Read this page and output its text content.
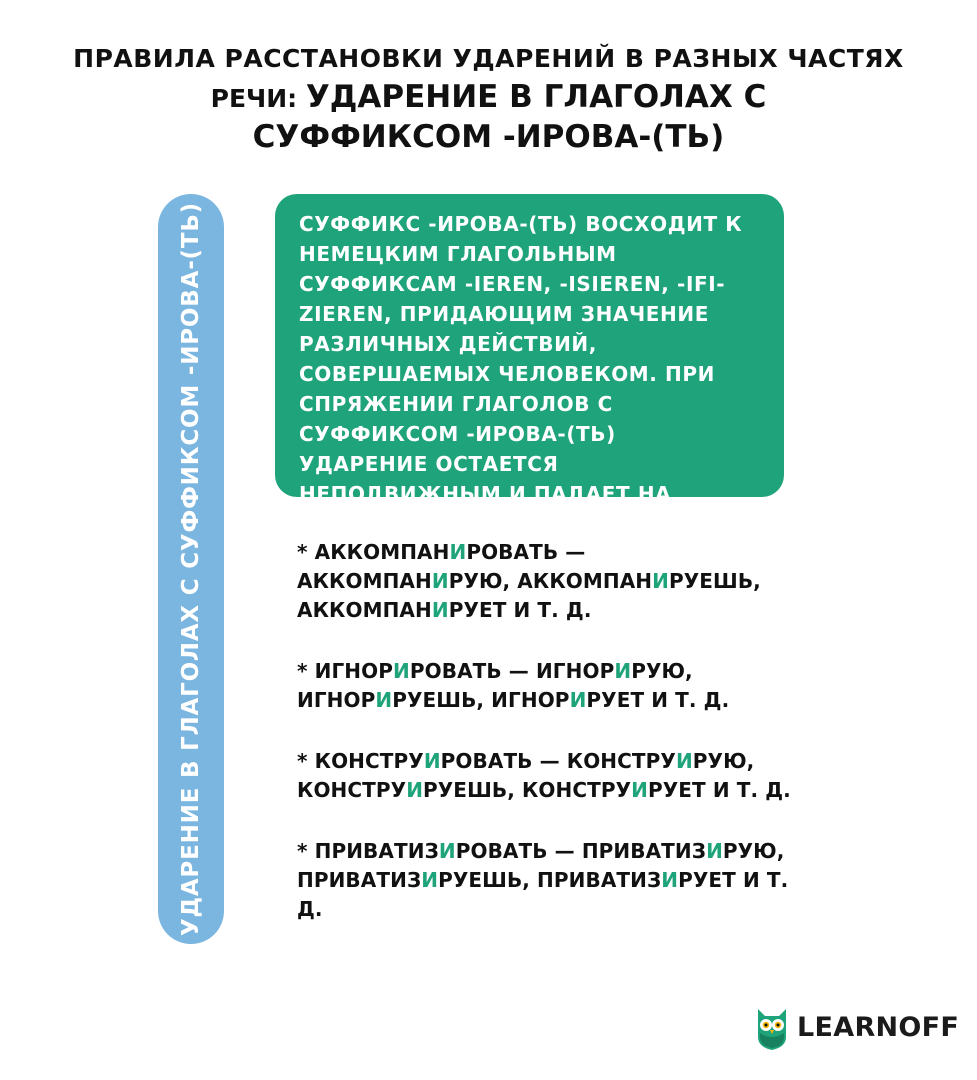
ПРАВИЛА РАССТАНОВКИ УДАРЕНИЙ В РАЗНЫХ ЧАСТЯХ
РЕЧИ: УДАРЕНИЕ В ГЛАГОЛАХ С
СУФФИКСОМ -ИРОВА-(ТЬ)
УДАРЕНИЕ В ГЛАГОЛАХ С СУФФИКСОМ -ИРОВА-(ТЬ)	СУФФИКС -ИРОВА-(ТЬ) ВОСХОДИТ К НЕМЕЦКИМ ГЛАГОЛЬНЫМ СУФФИКСАМ -IEREN, -ISIEREN, -IFI-ZIEREN, ПРИДАЮЩИМ ЗНАЧЕНИЕ РАЗЛИЧНЫХ ДЕЙСТВИЙ, СОВЕРШАЕМЫХ ЧЕЛОВЕКОМ. ПРИ СПРЯЖЕНИИ ГЛАГОЛОВ С СУФФИКСОМ -ИРОВА-(ТЬ) УДАРЕНИЕ ОСТАЕТСЯ НЕПОДВИЖНЫМ И ПАДАЕТ НА ГЛАСНЫЙ И:

* АККОМПАНИРОВАТЬ — АККОМПАНИРУЮ, АККОМПАНИРУЕШЬ, АККОМПАНИРУЕТ И Т. Д.

* ИГНОРИРОВАТЬ — ИГНОРИРУЮ, ИГНОРИРУЕШЬ, ИГНОРИРУЕТ И Т. Д.

* КОНСТРУИРОВАТЬ — КОНСТРУИРУЮ, КОНСТРУИРУЕШЬ, КОНСТРУИРУЕТ И Т. Д.

* ПРИВАТИЗИРОВАТЬ — ПРИВАТИЗИРУЮ, ПРИВАТИЗИРУЕШЬ, ПРИВАТИЗИРУЕТ И Т. Д.

LEARNOFF
